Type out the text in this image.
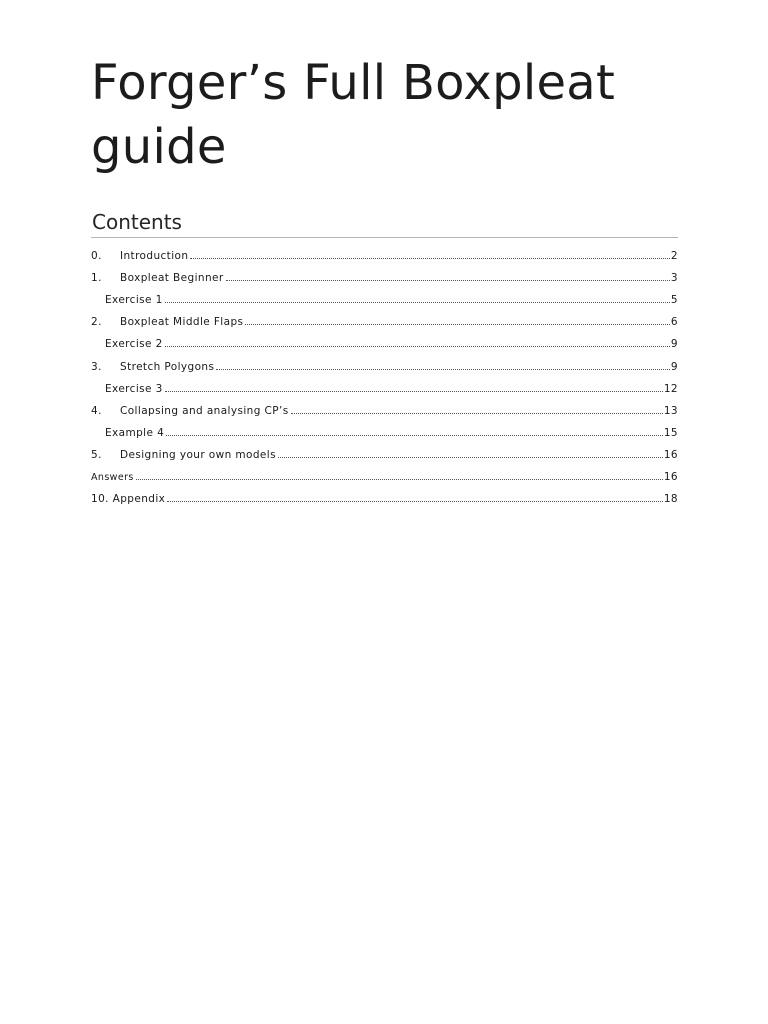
Forger’s Full Boxpleat guide
Contents
0.	Introduction	2
1.	Boxpleat Beginner	3
Exercise 1	5
2.	Boxpleat Middle Flaps	6
Exercise 2	9
3.	Stretch Polygons	9
Exercise 3	12
4.	Collapsing and analysing CP’s	13
Example 4	15
5.	Designing your own models	16
Answers	16
10. Appendix	18
